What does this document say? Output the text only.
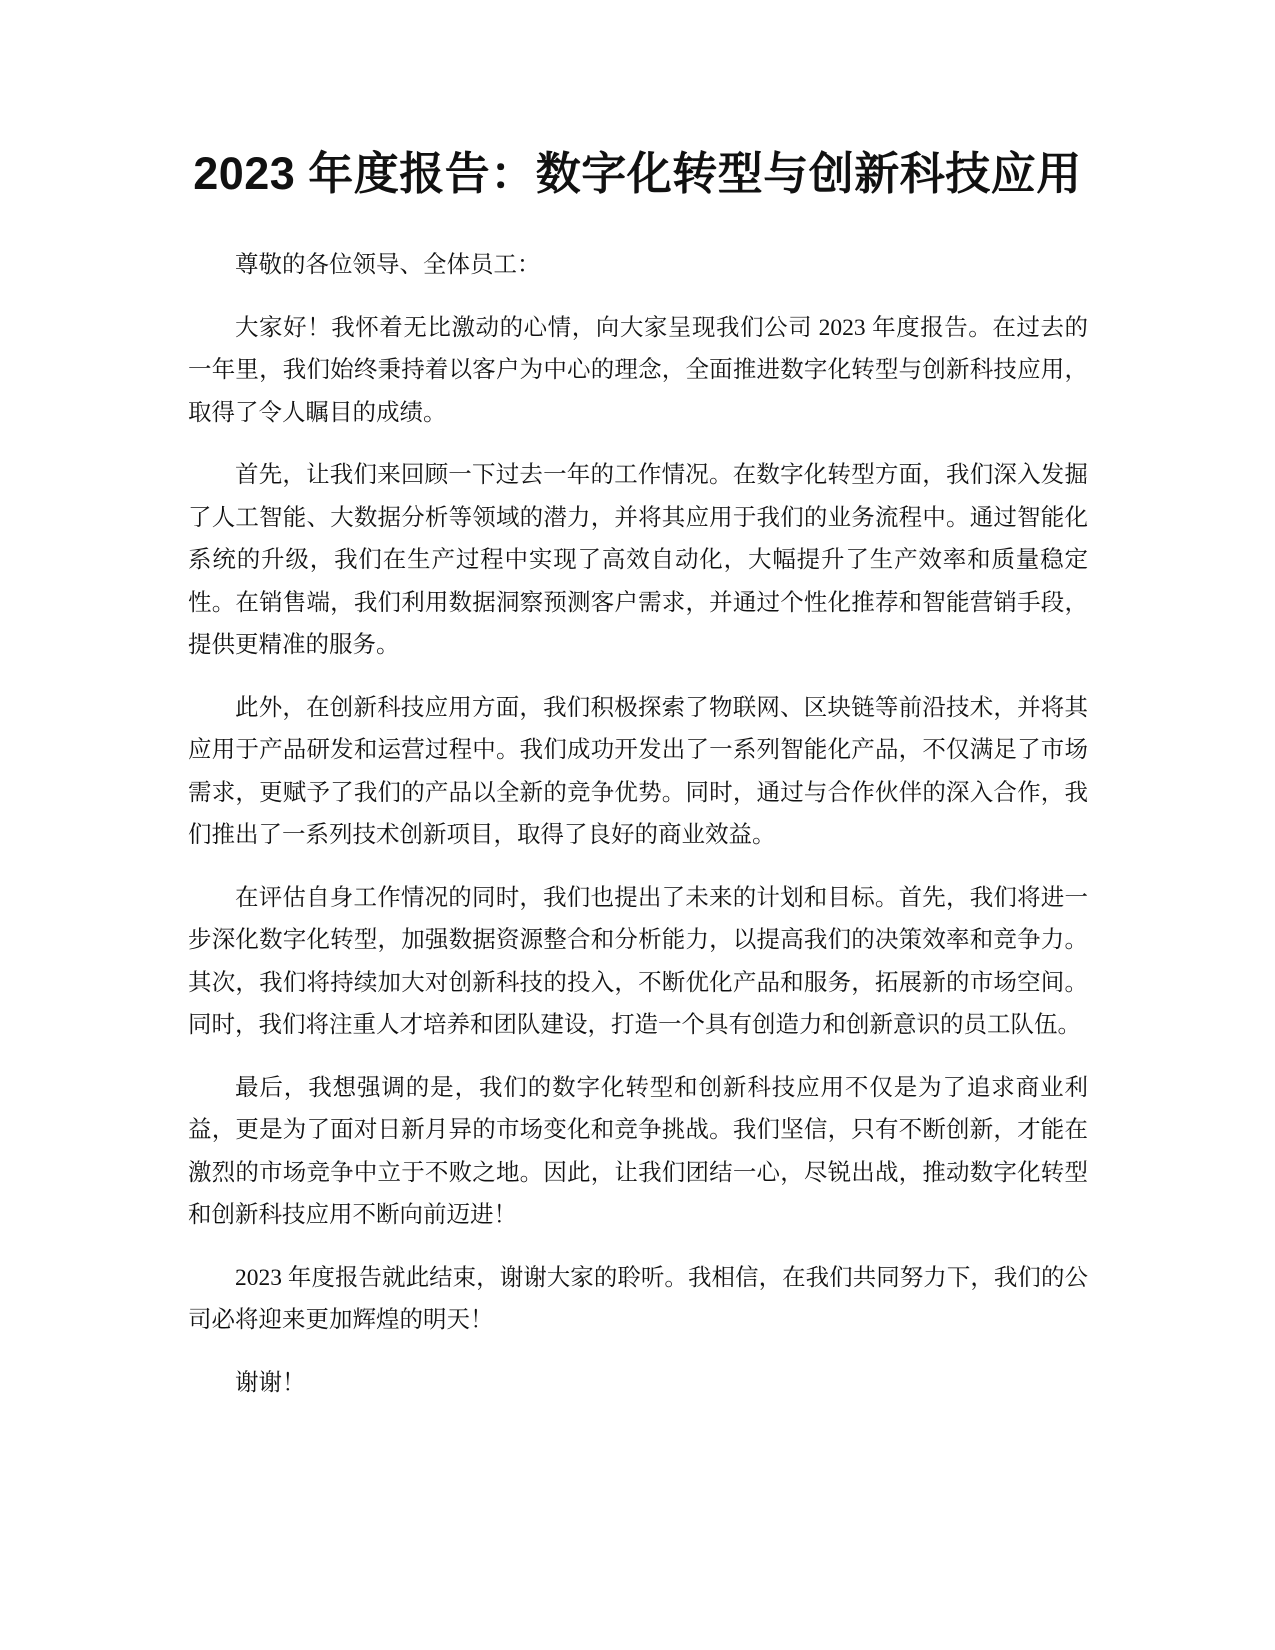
2023 年度报告：数字化转型与创新科技应用

尊敬的各位领导、全体员工：

大家好！我怀着无比激动的心情，向大家呈现我们公司 2023 年度报告。在过去的一年里，我们始终秉持着以客户为中心的理念，全面推进数字化转型与创新科技应用，取得了令人瞩目的成绩。

首先，让我们来回顾一下过去一年的工作情况。在数字化转型方面，我们深入发掘了人工智能、大数据分析等领域的潜力，并将其应用于我们的业务流程中。通过智能化系统的升级，我们在生产过程中实现了高效自动化，大幅提升了生产效率和质量稳定性。在销售端，我们利用数据洞察预测客户需求，并通过个性化推荐和智能营销手段，提供更精准的服务。

此外，在创新科技应用方面，我们积极探索了物联网、区块链等前沿技术，并将其应用于产品研发和运营过程中。我们成功开发出了一系列智能化产品，不仅满足了市场需求，更赋予了我们的产品以全新的竞争优势。同时，通过与合作伙伴的深入合作，我们推出了一系列技术创新项目，取得了良好的商业效益。

在评估自身工作情况的同时，我们也提出了未来的计划和目标。首先，我们将进一步深化数字化转型，加强数据资源整合和分析能力，以提高我们的决策效率和竞争力。其次，我们将持续加大对创新科技的投入，不断优化产品和服务，拓展新的市场空间。同时，我们将注重人才培养和团队建设，打造一个具有创造力和创新意识的员工队伍。

最后，我想强调的是，我们的数字化转型和创新科技应用不仅是为了追求商业利益，更是为了面对日新月异的市场变化和竞争挑战。我们坚信，只有不断创新，才能在激烈的市场竞争中立于不败之地。因此，让我们团结一心，尽锐出战，推动数字化转型和创新科技应用不断向前迈进！

2023 年度报告就此结束，谢谢大家的聆听。我相信，在我们共同努力下，我们的公司必将迎来更加辉煌的明天！

谢谢！
